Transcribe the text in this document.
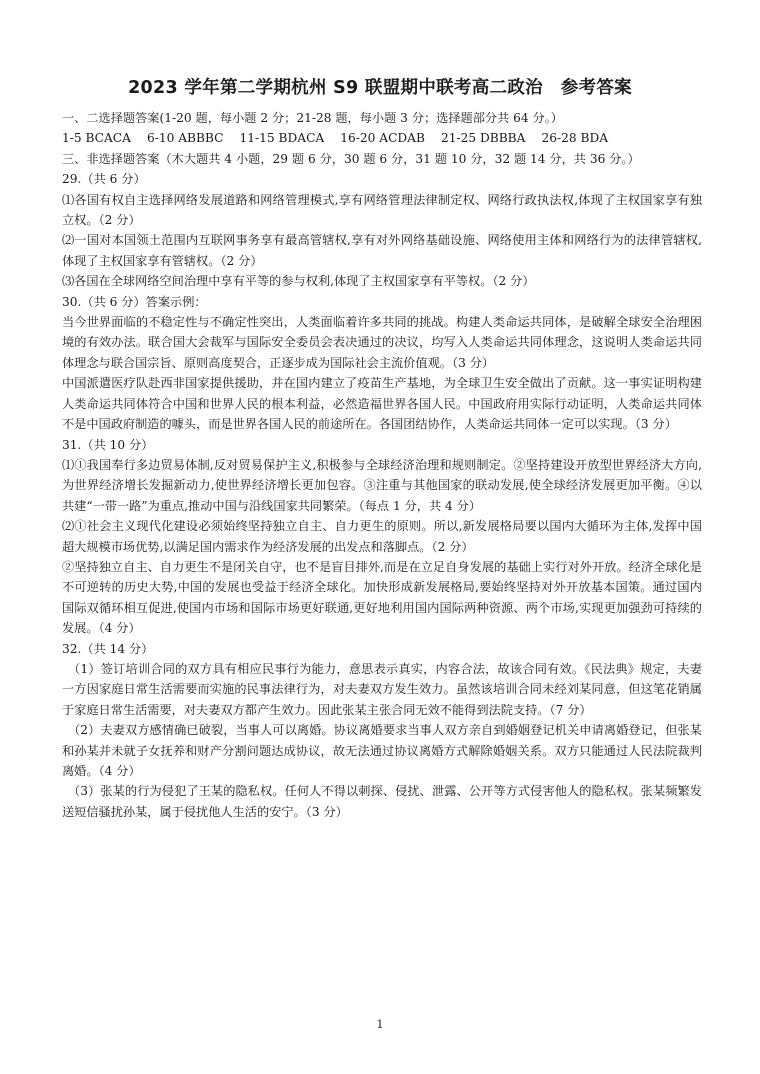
2023 学年第二学期杭州 S9 联盟期中联考高二政治　参考答案

一、二选择题答案(1-20 题，每小题 2 分；21-28 题，每小题 3 分；选择题部分共 64 分。）

1-5 BCACA　 6-10 ABBBC　 11-15 BDACA　 16-20 ACDAB　 21-25 DBBBA　 26-28 BDA

三、非选择题答案（木大题共 4 小题，29 题 6 分，30 题 6 分，31 题 10 分，32 题 14 分，共 36 分。）

29.（共 6 分）

⑴各国有权自主选择网络发展道路和网络管理模式,享有网络管理法律制定权、网络行政执法权,体现了主权国家享有独立权。（2 分）

⑵一国对本国领土范围内互联网事务享有最高管辖权,享有对外网络基础设施、网络使用主体和网络行为的法律管辖权,体现了主权国家享有管辖权。（2 分）

⑶各国在全球网络空间治理中享有平等的参与权利,体现了主权国家享有平等权。（2 分）

30.（共 6 分）答案示例：

当今世界面临的不稳定性与不确定性突出，人类面临着许多共同的挑战。构建人类命运共同体，是破解全球安全治理困境的有效办法。联合国大会裁军与国际安全委员会表决通过的决议，均写入人类命运共同体理念，这说明人类命运共同体理念与联合国宗旨、原则高度契合，正逐步成为国际社会主流价值观。（3 分）

中国派遣医疗队赴西非国家提供援助，并在国内建立了疫苗生产基地，为全球卫生安全做出了贡献。这一事实证明构建人类命运共同体符合中国和世界人民的根本利益，必然造福世界各国人民。中国政府用实际行动证明，人类命运共同体不是中国政府制造的噱头，而是世界各国人民的前途所在。各国团结协作，人类命运共同体一定可以实现。（3 分）

31.（共 10 分）

⑴①我国奉行多边贸易体制,反对贸易保护主义,积极参与全球经济治理和规则制定。②坚持建设开放型世界经济大方向,为世界经济增长发掘新动力,使世界经济增长更加包容。③注重与其他国家的联动发展,使全球经济发展更加平衡。④以共建“一带一路”为重点,推动中国与沿线国家共同繁荣。（每点 1 分，共 4 分）

⑵①社会主义现代化建设必须始终坚持独立自主、自力更生的原则。所以,新发展格局要以国内大循环为主体,发挥中国超大规模市场优势,以满足国内需求作为经济发展的出发点和落脚点。（2 分）

②坚持独立自主、自力更生不是闭关自守，也不是盲目排外,而是在立足自身发展的基础上实行对外开放。经济全球化是不可逆转的历史大势,中国的发展也受益于经济全球化。加快形成新发展格局,要始终坚持对外开放基本国策。通过国内国际双循环相互促进,使国内市场和国际市场更好联通,更好地利用国内国际两种资源、两个市场,实现更加强劲可持续的发展。（4 分）

32.（共 14 分）

（1）签订培训合同的双方具有相应民事行为能力，意思表示真实，内容合法，故该合同有效。《民法典》规定，夫妻一方因家庭日常生活需要而实施的民事法律行为，对夫妻双方发生效力。虽然该培训合同未经刘某同意，但这笔花销属于家庭日常生活需要，对夫妻双方都产生效力。因此张某主张合同无效不能得到法院支持。（7 分）

（2）夫妻双方感情确已破裂，当事人可以离婚。协议离婚要求当事人双方亲自到婚姻登记机关申请离婚登记，但张某和孙某并未就子女抚养和财产分割问题达成协议，故无法通过协议离婚方式解除婚姻关系。双方只能通过人民法院裁判离婚。（4 分）

（3）张某的行为侵犯了王某的隐私权。任何人不得以刺探、侵扰、泄露、公开等方式侵害他人的隐私权。张某频繁发送短信骚扰孙某，属于侵扰他人生活的安宁。（3 分）

1
